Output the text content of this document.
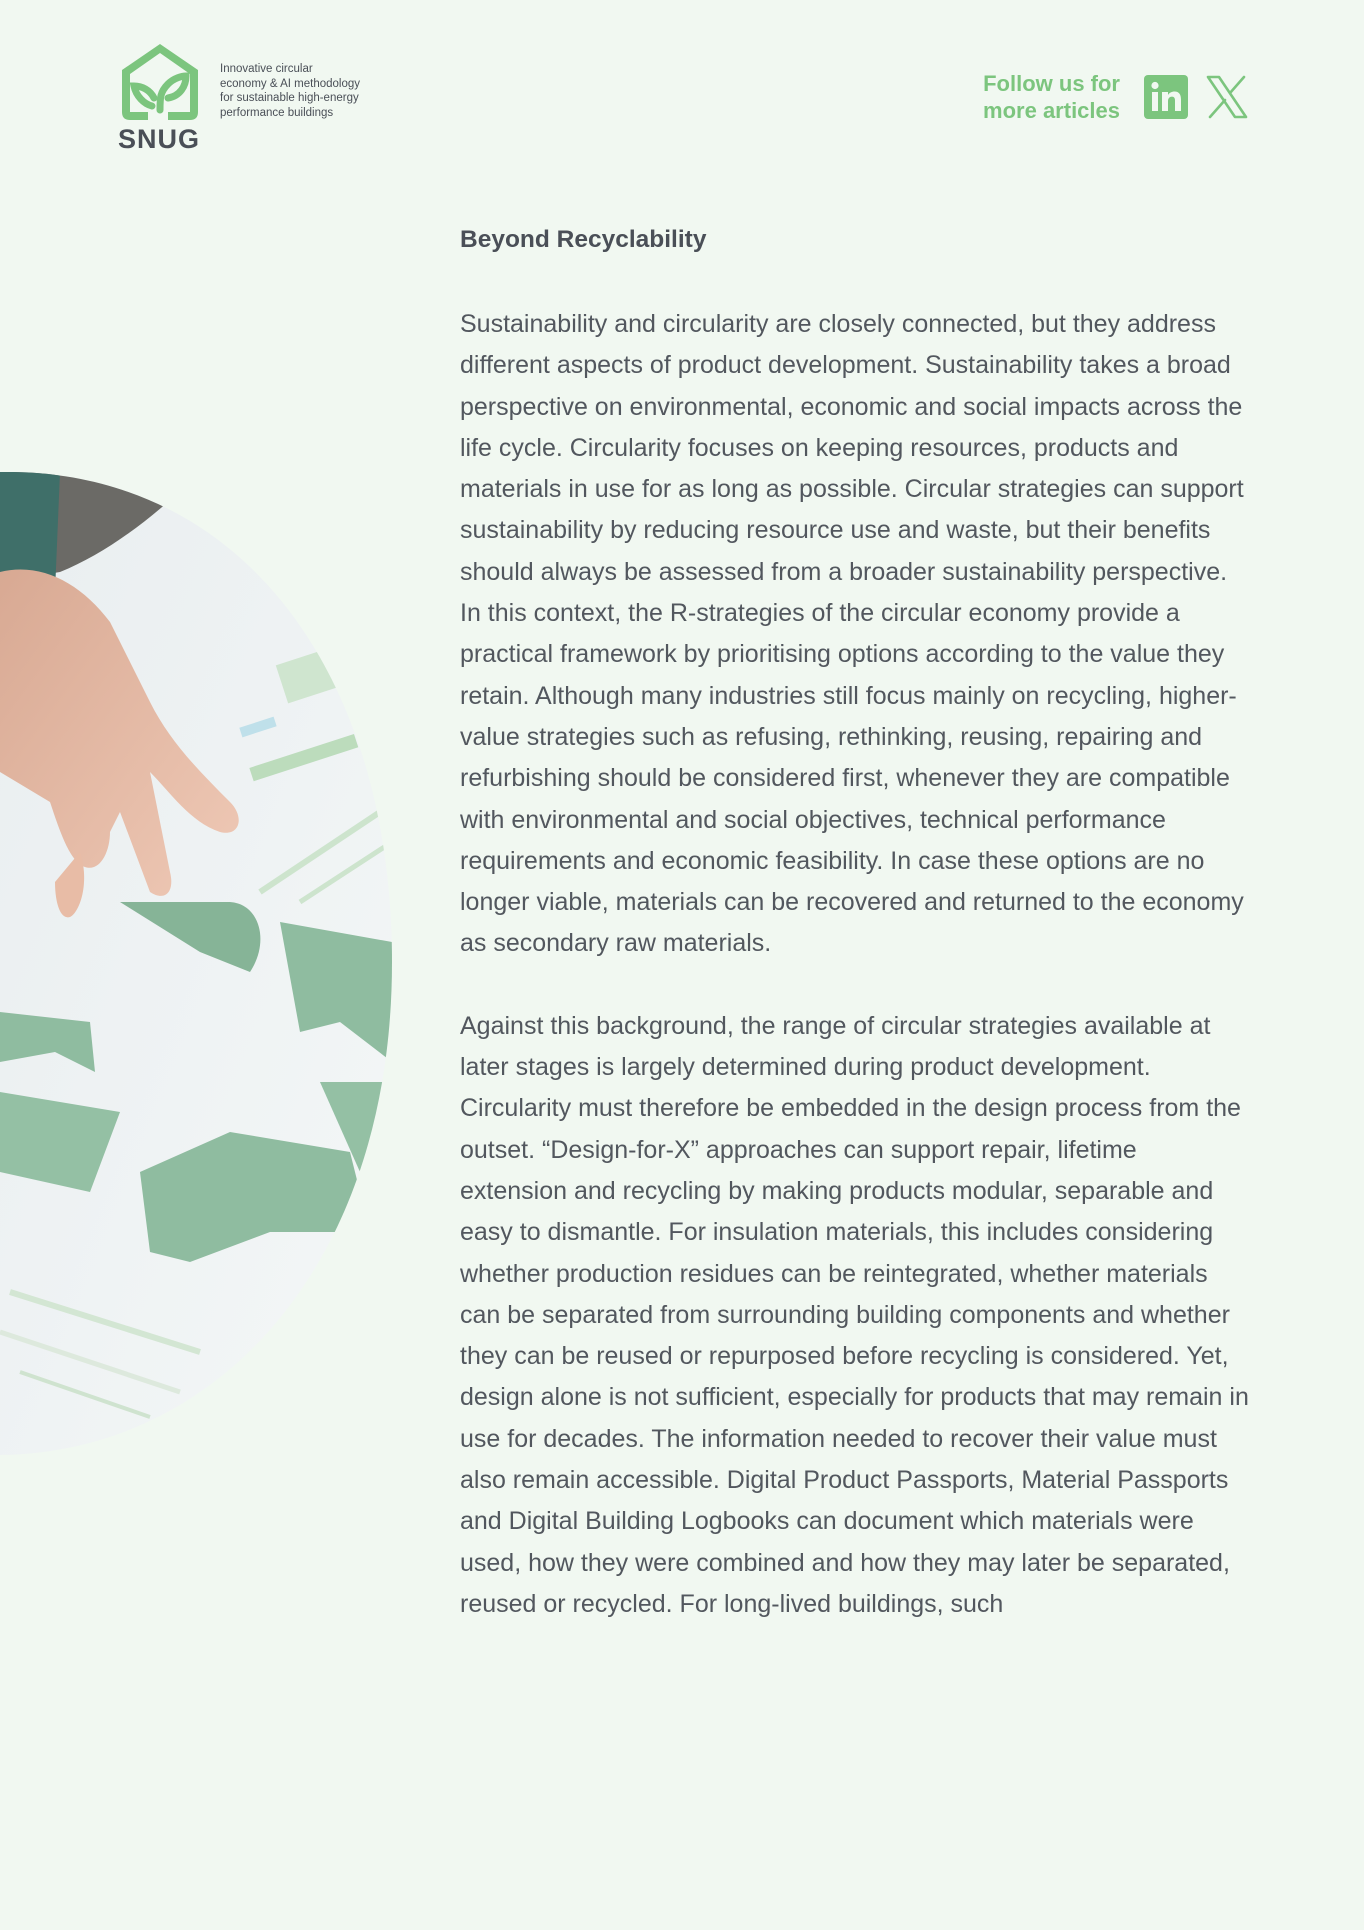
SNUG
Innovative circular
economy & AI methodology
for sustainable high-energy
performance buildings
Follow us for
more articles
Beyond Recyclability

Sustainability and circularity are closely connected, but they address different aspects of product development. Sustainability takes a broad perspective on environmental, economic and social impacts across the life cycle. Circularity focuses on keeping resources, products and materials in use for as long as possible. Circular strategies can support sustainability by reducing resource use and waste, but their benefits should always be assessed from a broader sustainability perspective. In this context, the R-strategies of the circular economy provide a practical framework by prioritising options according to the value they retain. Although many industries still focus mainly on recycling, higher-value strategies such as refusing, rethinking, reusing, repairing and refurbishing should be considered first, whenever they are compatible with environmental and social objectives, technical performance requirements and economic feasibility. In case these options are no longer viable, materials can be recovered and returned to the economy as secondary raw materials.

Against this background, the range of circular strategies available at later stages is largely determined during product development. Circularity must therefore be embedded in the design process from the outset. “Design-for-X” approaches can support repair, lifetime extension and recycling by making products modular, separable and easy to dismantle. For insulation materials, this includes considering whether production residues can be reintegrated, whether materials can be separated from surrounding building components and whether they can be reused or repurposed before recycling is considered. Yet, design alone is not sufficient, especially for products that may remain in use for decades. The information needed to recover their value must also remain accessible. Digital Product Passports, Material Passports and Digital Building Logbooks can document which materials were used, how they were combined and how they may later be separated, reused or recycled. For long-lived buildings, such
